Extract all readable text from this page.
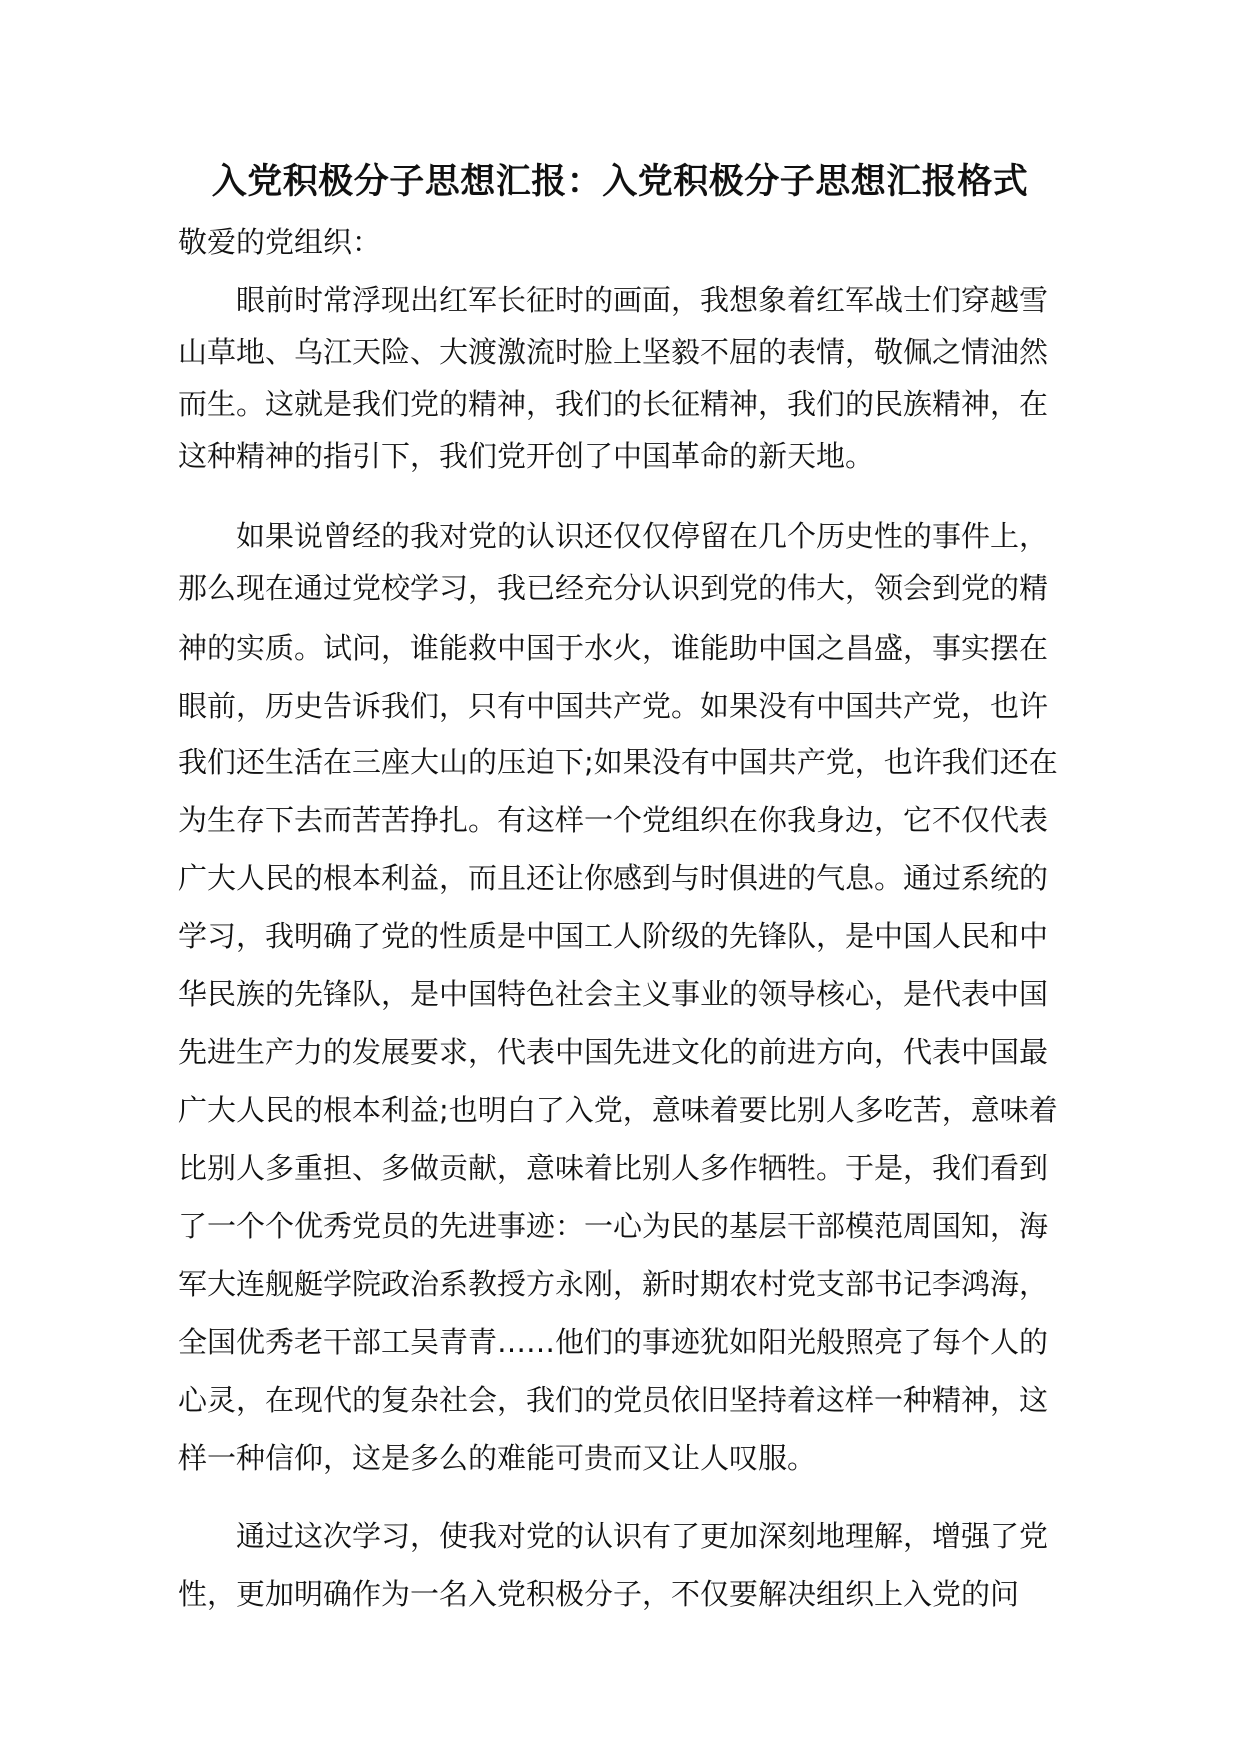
入党积极分子思想汇报：入党积极分子思想汇报格式

敬爱的党组织：

眼前时常浮现出红军长征时的画面，我想象着红军战士们穿越雪

山草地、乌江天险、大渡激流时脸上坚毅不屈的表情，敬佩之情油然

而生。这就是我们党的精神，我们的长征精神，我们的民族精神，在

这种精神的指引下，我们党开创了中国革命的新天地。

如果说曾经的我对党的认识还仅仅停留在几个历史性的事件上，

那么现在通过党校学习，我已经充分认识到党的伟大，领会到党的精

神的实质。试问，谁能救中国于水火，谁能助中国之昌盛，事实摆在

眼前，历史告诉我们，只有中国共产党。如果没有中国共产党，也许

我们还生活在三座大山的压迫下;如果没有中国共产党，也许我们还在

为生存下去而苦苦挣扎。有这样一个党组织在你我身边，它不仅代表

广大人民的根本利益，而且还让你感到与时俱进的气息。通过系统的

学习，我明确了党的性质是中国工人阶级的先锋队，是中国人民和中

华民族的先锋队，是中国特色社会主义事业的领导核心，是代表中国

先进生产力的发展要求，代表中国先进文化的前进方向，代表中国最

广大人民的根本利益;也明白了入党，意味着要比别人多吃苦，意味着

比别人多重担、多做贡献，意味着比别人多作牺牲。于是，我们看到

了一个个优秀党员的先进事迹：一心为民的基层干部模范周国知，海

军大连舰艇学院政治系教授方永刚，新时期农村党支部书记李鸿海，

全国优秀老干部工吴青青……他们的事迹犹如阳光般照亮了每个人的

心灵，在现代的复杂社会，我们的党员依旧坚持着这样一种精神，这

样一种信仰，这是多么的难能可贵而又让人叹服。

通过这次学习，使我对党的认识有了更加深刻地理解，增强了党

性，更加明确作为一名入党积极分子，不仅要解决组织上入党的问
